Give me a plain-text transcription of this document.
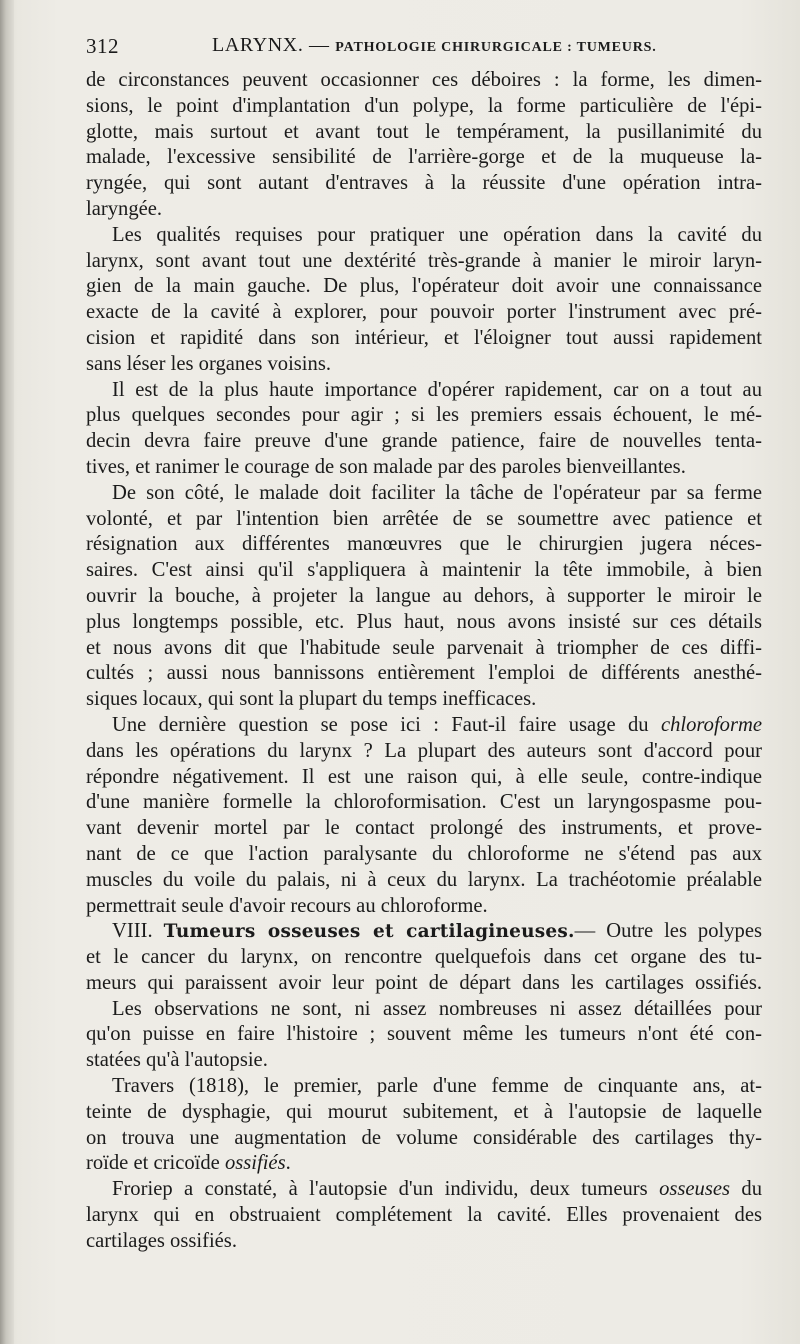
312	LARYNX. — PATHOLOGIE CHIRURGICALE : TUMEURS.
de circonstances peuvent occasionner ces déboires : la forme, les dimen-
sions, le point d'implantation d'un polype, la forme particulière de l'épi-
glotte, mais surtout et avant tout le tempérament, la pusillanimité du
malade, l'excessive sensibilité de l'arrière-gorge et de la muqueuse la-
ryngée, qui sont autant d'entraves à la réussite d'une opération intra-
laryngée.
Les qualités requises pour pratiquer une opération dans la cavité du
larynx, sont avant tout une dextérité très-grande à manier le miroir laryn-
gien de la main gauche. De plus, l'opérateur doit avoir une connaissance
exacte de la cavité à explorer, pour pouvoir porter l'instrument avec pré-
cision et rapidité dans son intérieur, et l'éloigner tout aussi rapidement
sans léser les organes voisins.
Il est de la plus haute importance d'opérer rapidement, car on a tout au
plus quelques secondes pour agir ; si les premiers essais échouent, le mé-
decin devra faire preuve d'une grande patience, faire de nouvelles tenta-
tives, et ranimer le courage de son malade par des paroles bienveillantes.
De son côté, le malade doit faciliter la tâche de l'opérateur par sa ferme
volonté, et par l'intention bien arrêtée de se soumettre avec patience et
résignation aux différentes manœuvres que le chirurgien jugera néces-
saires. C'est ainsi qu'il s'appliquera à maintenir la tête immobile, à bien
ouvrir la bouche, à projeter la langue au dehors, à supporter le miroir le
plus longtemps possible, etc. Plus haut, nous avons insisté sur ces détails
et nous avons dit que l'habitude seule parvenait à triompher de ces diffi-
cultés ; aussi nous bannissons entièrement l'emploi de différents anesthé-
siques locaux, qui sont la plupart du temps inefficaces.
Une dernière question se pose ici : Faut-il faire usage du chloroforme
dans les opérations du larynx ? La plupart des auteurs sont d'accord pour
répondre négativement. Il est une raison qui, à elle seule, contre-indique
d'une manière formelle la chloroformisation. C'est un laryngospasme pou-
vant devenir mortel par le contact prolongé des instruments, et prove-
nant de ce que l'action paralysante du chloroforme ne s'étend pas aux
muscles du voile du palais, ni à ceux du larynx. La trachéotomie préalable
permettrait seule d'avoir recours au chloroforme.
VIII. Tumeurs osseuses et cartilagineuses.— Outre les polypes
et le cancer du larynx, on rencontre quelquefois dans cet organe des tu-
meurs qui paraissent avoir leur point de départ dans les cartilages ossifiés.
Les observations ne sont, ni assez nombreuses ni assez détaillées pour
qu'on puisse en faire l'histoire ; souvent même les tumeurs n'ont été con-
statées qu'à l'autopsie.
Travers (1818), le premier, parle d'une femme de cinquante ans, at-
teinte de dysphagie, qui mourut subitement, et à l'autopsie de laquelle
on trouva une augmentation de volume considérable des cartilages thy-
roïde et cricoïde ossifiés.
Froriep a constaté, à l'autopsie d'un individu, deux tumeurs osseuses du
larynx qui en obstruaient complétement la cavité. Elles provenaient des
cartilages ossifiés.
